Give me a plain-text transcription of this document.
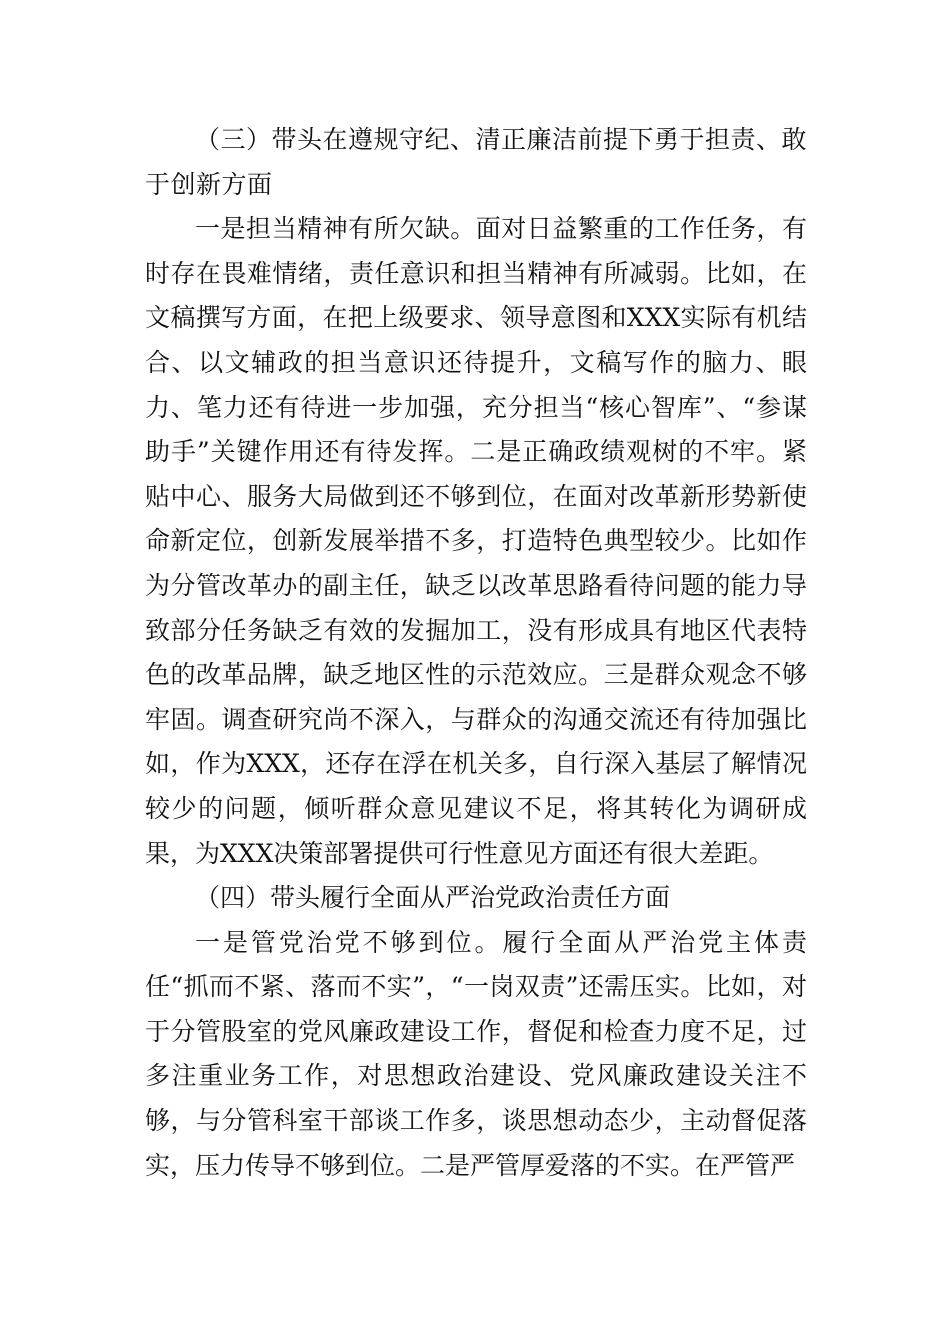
（三）带头在遵规守纪、清正廉洁前提下勇于担责、敢于创新方面

一是担当精神有所欠缺。面对日益繁重的工作任务，有时存在畏难情绪，责任意识和担当精神有所减弱。比如，在文稿撰写方面，在把上级要求、领导意图和XXX实际有机结合、以文辅政的担当意识还待提升，文稿写作的脑力、眼力、笔力还有待进一步加强，充分担当“核心智库”、“参谋助手”关键作用还有待发挥。二是正确政绩观树的不牢。紧贴中心、服务大局做到还不够到位，在面对改革新形势新使命新定位，创新发展举措不多，打造特色典型较少。比如作为分管改革办的副主任，缺乏以改革思路看待问题的能力导致部分任务缺乏有效的发掘加工，没有形成具有地区代表特色的改革品牌，缺乏地区性的示范效应。三是群众观念不够牢固。调查研究尚不深入，与群众的沟通交流还有待加强比如，作为XXX，还存在浮在机关多，自行深入基层了解情况较少的问题，倾听群众意见建议不足，将其转化为调研成果，为XXX决策部署提供可行性意见方面还有很大差距。

（四）带头履行全面从严治党政治责任方面

一是管党治党不够到位。履行全面从严治党主体责任“抓而不紧、落而不实”，“一岗双责”还需压实。比如，对于分管股室的党风廉政建设工作，督促和检查力度不足，过多注重业务工作，对思想政治建设、党风廉政建设关注不够，与分管科室干部谈工作多，谈思想动态少，主动督促落实，压力传导不够到位。二是严管厚爱落的不实。在严管严
